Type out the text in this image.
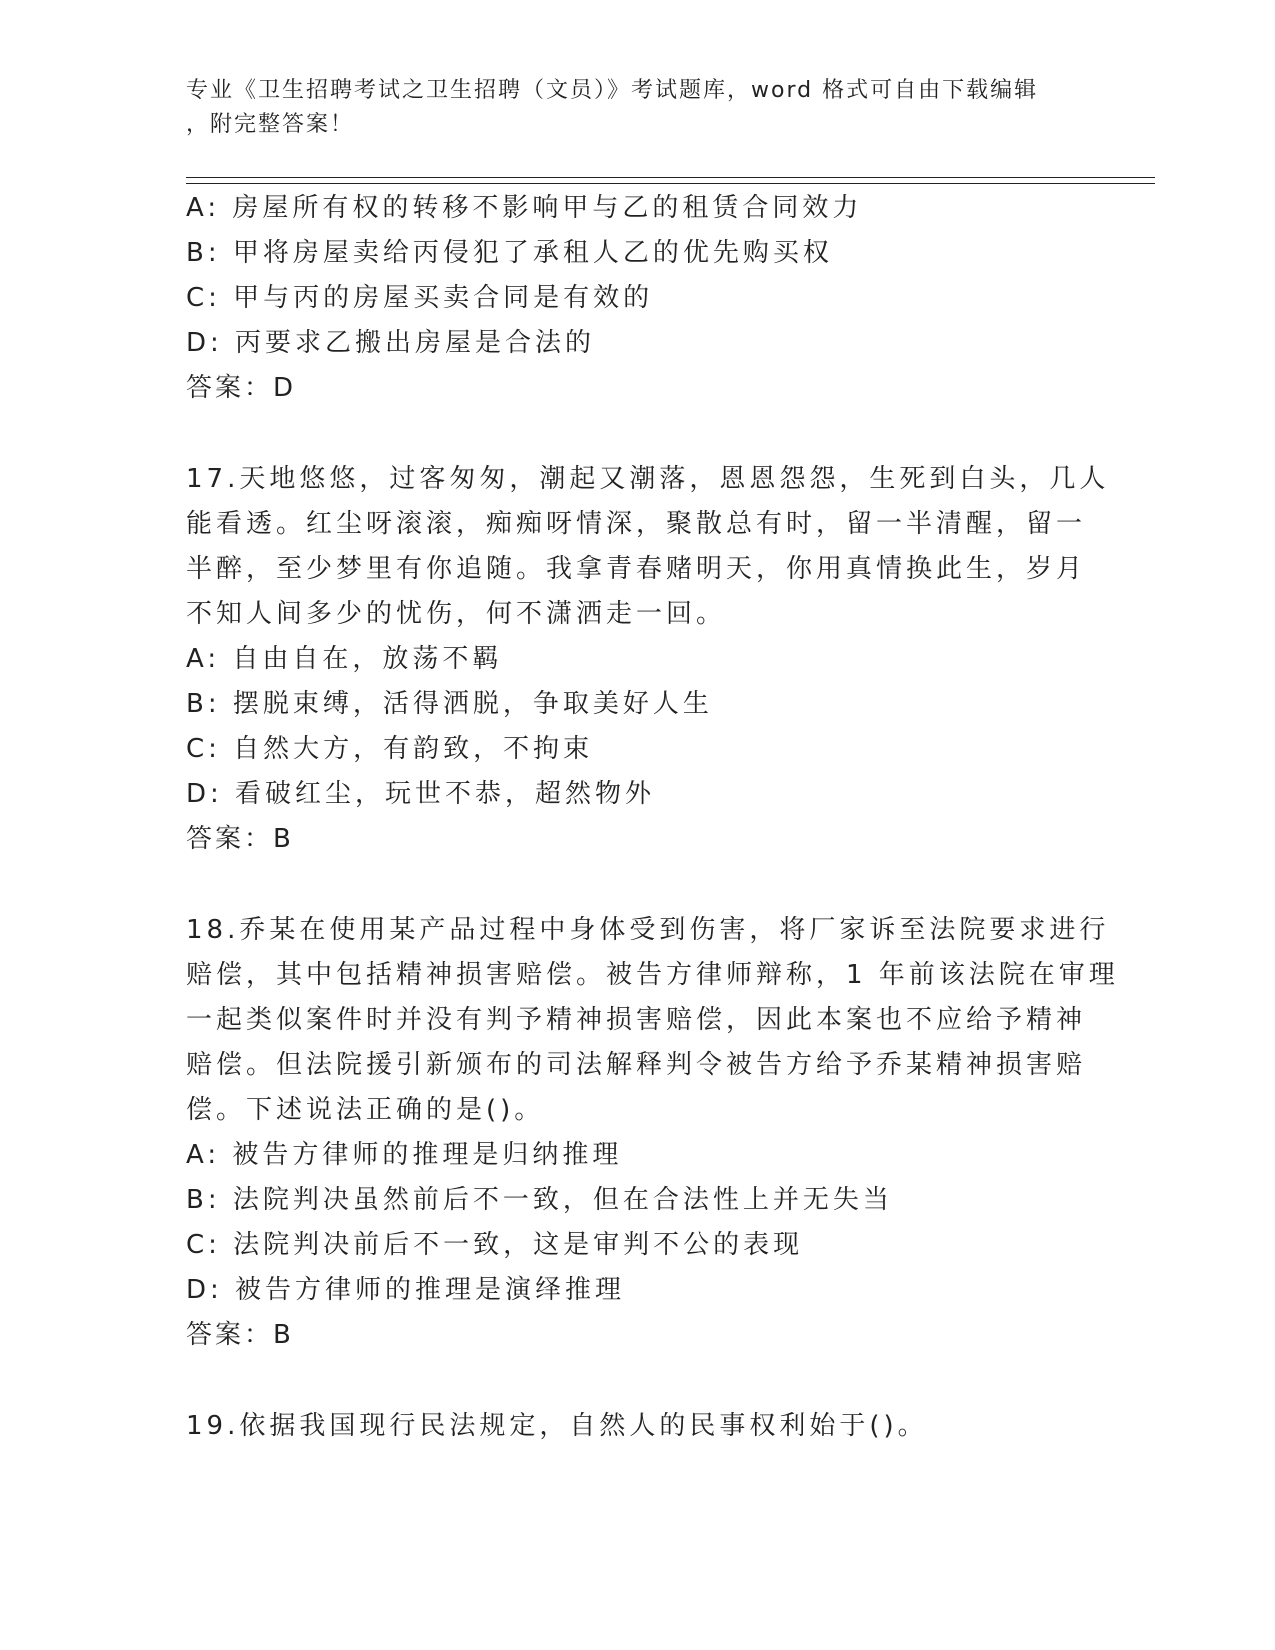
专业《卫生招聘考试之卫生招聘（文员）》考试题库，word 格式可自由下载编辑
，附完整答案！
A: 房屋所有权的转移不影响甲与乙的租赁合同效力
B: 甲将房屋卖给丙侵犯了承租人乙的优先购买权
C: 甲与丙的房屋买卖合同是有效的
D: 丙要求乙搬出房屋是合法的
答案：D
17.天地悠悠，过客匆匆，潮起又潮落，恩恩怨怨，生死到白头，几人
能看透。红尘呀滚滚，痴痴呀情深，聚散总有时，留一半清醒，留一
半醉，至少梦里有你追随。我拿青春赌明天，你用真情换此生，岁月
不知人间多少的忧伤，何不潇洒走一回。
A: 自由自在，放荡不羁
B: 摆脱束缚，活得洒脱，争取美好人生
C: 自然大方，有韵致，不拘束
D: 看破红尘，玩世不恭，超然物外
答案：B
18.乔某在使用某产品过程中身体受到伤害，将厂家诉至法院要求进行
赔偿，其中包括精神损害赔偿。被告方律师辩称，1 年前该法院在审理
一起类似案件时并没有判予精神损害赔偿，因此本案也不应给予精神
赔偿。但法院援引新颁布的司法解释判令被告方给予乔某精神损害赔
偿。下述说法正确的是()。
A: 被告方律师的推理是归纳推理
B: 法院判决虽然前后不一致，但在合法性上并无失当
C: 法院判决前后不一致，这是审判不公的表现
D: 被告方律师的推理是演绎推理
答案：B
19.依据我国现行民法规定，自然人的民事权利始于()。
